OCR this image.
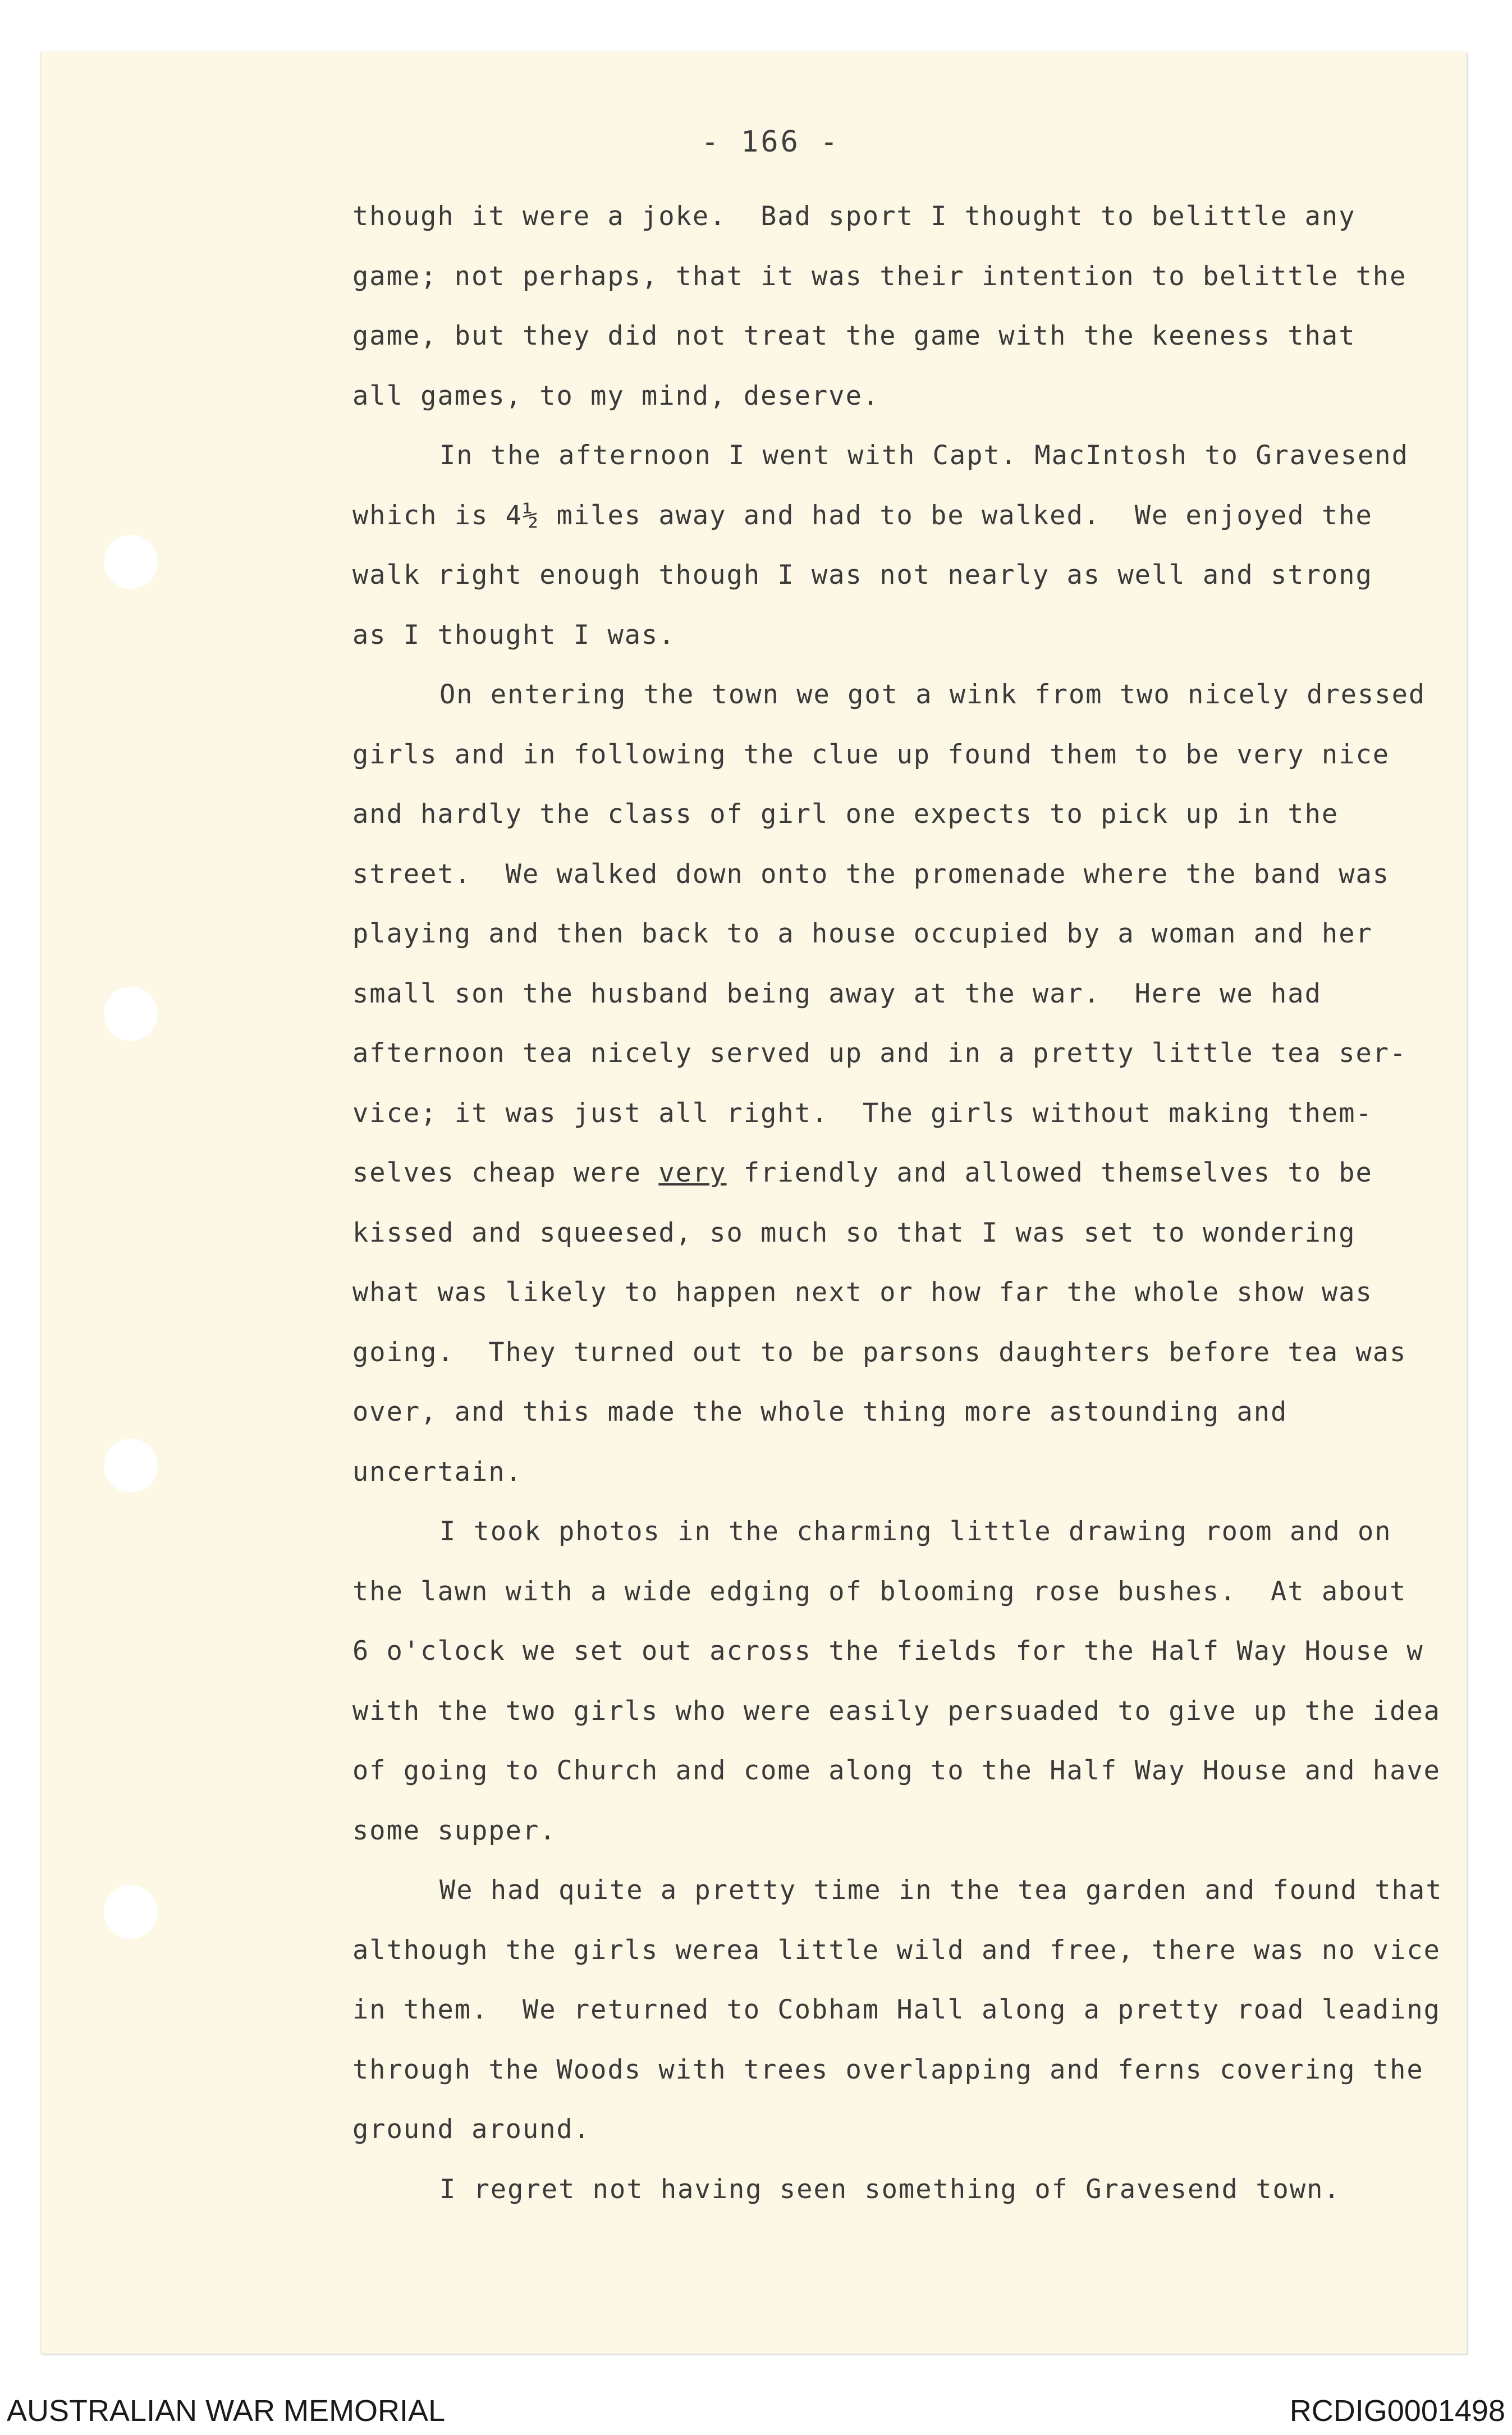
- 166 -
though it were a joke.  Bad sport I thought to belittle any
game; not perhaps, that it was their intention to belittle the
game, but they did not treat the game with the keeness that
all games, to my mind, deserve.
In the afternoon I went with Capt. MacIntosh to Gravesend
which is 4½ miles away and had to be walked.  We enjoyed the
walk right enough though I was not nearly as well and strong
as I thought I was.
On entering the town we got a wink from two nicely dressed
girls and in following the clue up found them to be very nice
and hardly the class of girl one expects to pick up in the
street.  We walked down onto the promenade where the band was
playing and then back to a house occupied by a woman and her
small son the husband being away at the war.  Here we had
afternoon tea nicely served up and in a pretty little tea ser-
vice; it was just all right.  The girls without making them-
selves cheap were very friendly and allowed themselves to be
kissed and squeesed, so much so that I was set to wondering
what was likely to happen next or how far the whole show was
going.  They turned out to be parsons daughters before tea was
over, and this made the whole thing more astounding and
uncertain.
I took photos in the charming little drawing room and on
the lawn with a wide edging of blooming rose bushes.  At about
6 o'clock we set out across the fields for the Half Way House w
with the two girls who were easily persuaded to give up the idea
of going to Church and come along to the Half Way House and have
some supper.
We had quite a pretty time in the tea garden and found that
although the girls werea little wild and free, there was no vice
in them.  We returned to Cobham Hall along a pretty road leading
through the Woods with trees overlapping and ferns covering the
ground around.
I regret not having seen something of Gravesend town.
AUSTRALIAN WAR MEMORIAL	RCDIG0001498
